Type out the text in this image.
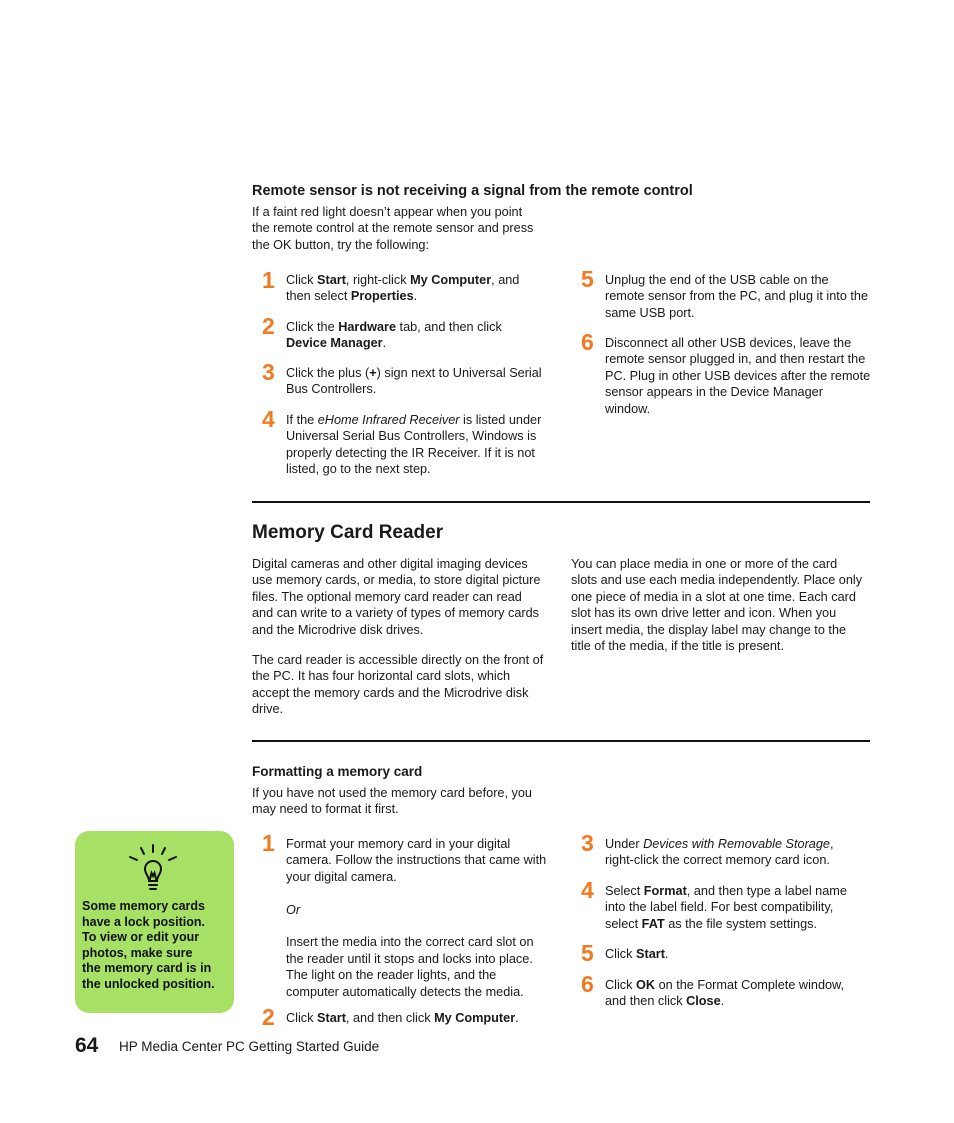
Remote sensor is not receiving a signal from the remote control
If a faint red light doesn’t appear when you point
the remote control at the remote sensor and press
the OK button, try the following:
1 Click Start, right-click My Computer, and
then select Properties.
2 Click the Hardware tab, and then click
Device Manager.
3 Click the plus (+) sign next to Universal Serial
Bus Controllers.
4 If the eHome Infrared Receiver is listed under
Universal Serial Bus Controllers, Windows is
properly detecting the IR Receiver. If it is not
listed, go to the next step.
5 Unplug the end of the USB cable on the
remote sensor from the PC, and plug it into the
same USB port.
6 Disconnect all other USB devices, leave the
remote sensor plugged in, and then restart the
PC. Plug in other USB devices after the remote
sensor appears in the Device Manager
window.
Memory Card Reader
Digital cameras and other digital imaging devices
use memory cards, or media, to store digital picture
files. The optional memory card reader can read
and can write to a variety of types of memory cards
and the Microdrive disk drives.
The card reader is accessible directly on the front of
the PC. It has four horizontal card slots, which
accept the memory cards and the Microdrive disk
drive.
You can place media in one or more of the card
slots and use each media independently. Place only
one piece of media in a slot at one time. Each card
slot has its own drive letter and icon. When you
insert media, the display label may change to the
title of the media, if the title is present.
Formatting a memory card
If you have not used the memory card before, you
may need to format it first.
1 Format your memory card in your digital
camera. Follow the instructions that came with
your digital camera.
Or
Insert the media into the correct card slot on
the reader until it stops and locks into place.
The light on the reader lights, and the
computer automatically detects the media.
2 Click Start, and then click My Computer.
3 Under Devices with Removable Storage,
right-click the correct memory card icon.
4 Select Format, and then type a label name
into the label field. For best compatibility,
select FAT as the file system settings.
5 Click Start.
6 Click OK on the Format Complete window,
and then click Close.
Some memory cards
have a lock position.
To view or edit your
photos, make sure
the memory card is in
the unlocked position.
64 HP Media Center PC Getting Started Guide
